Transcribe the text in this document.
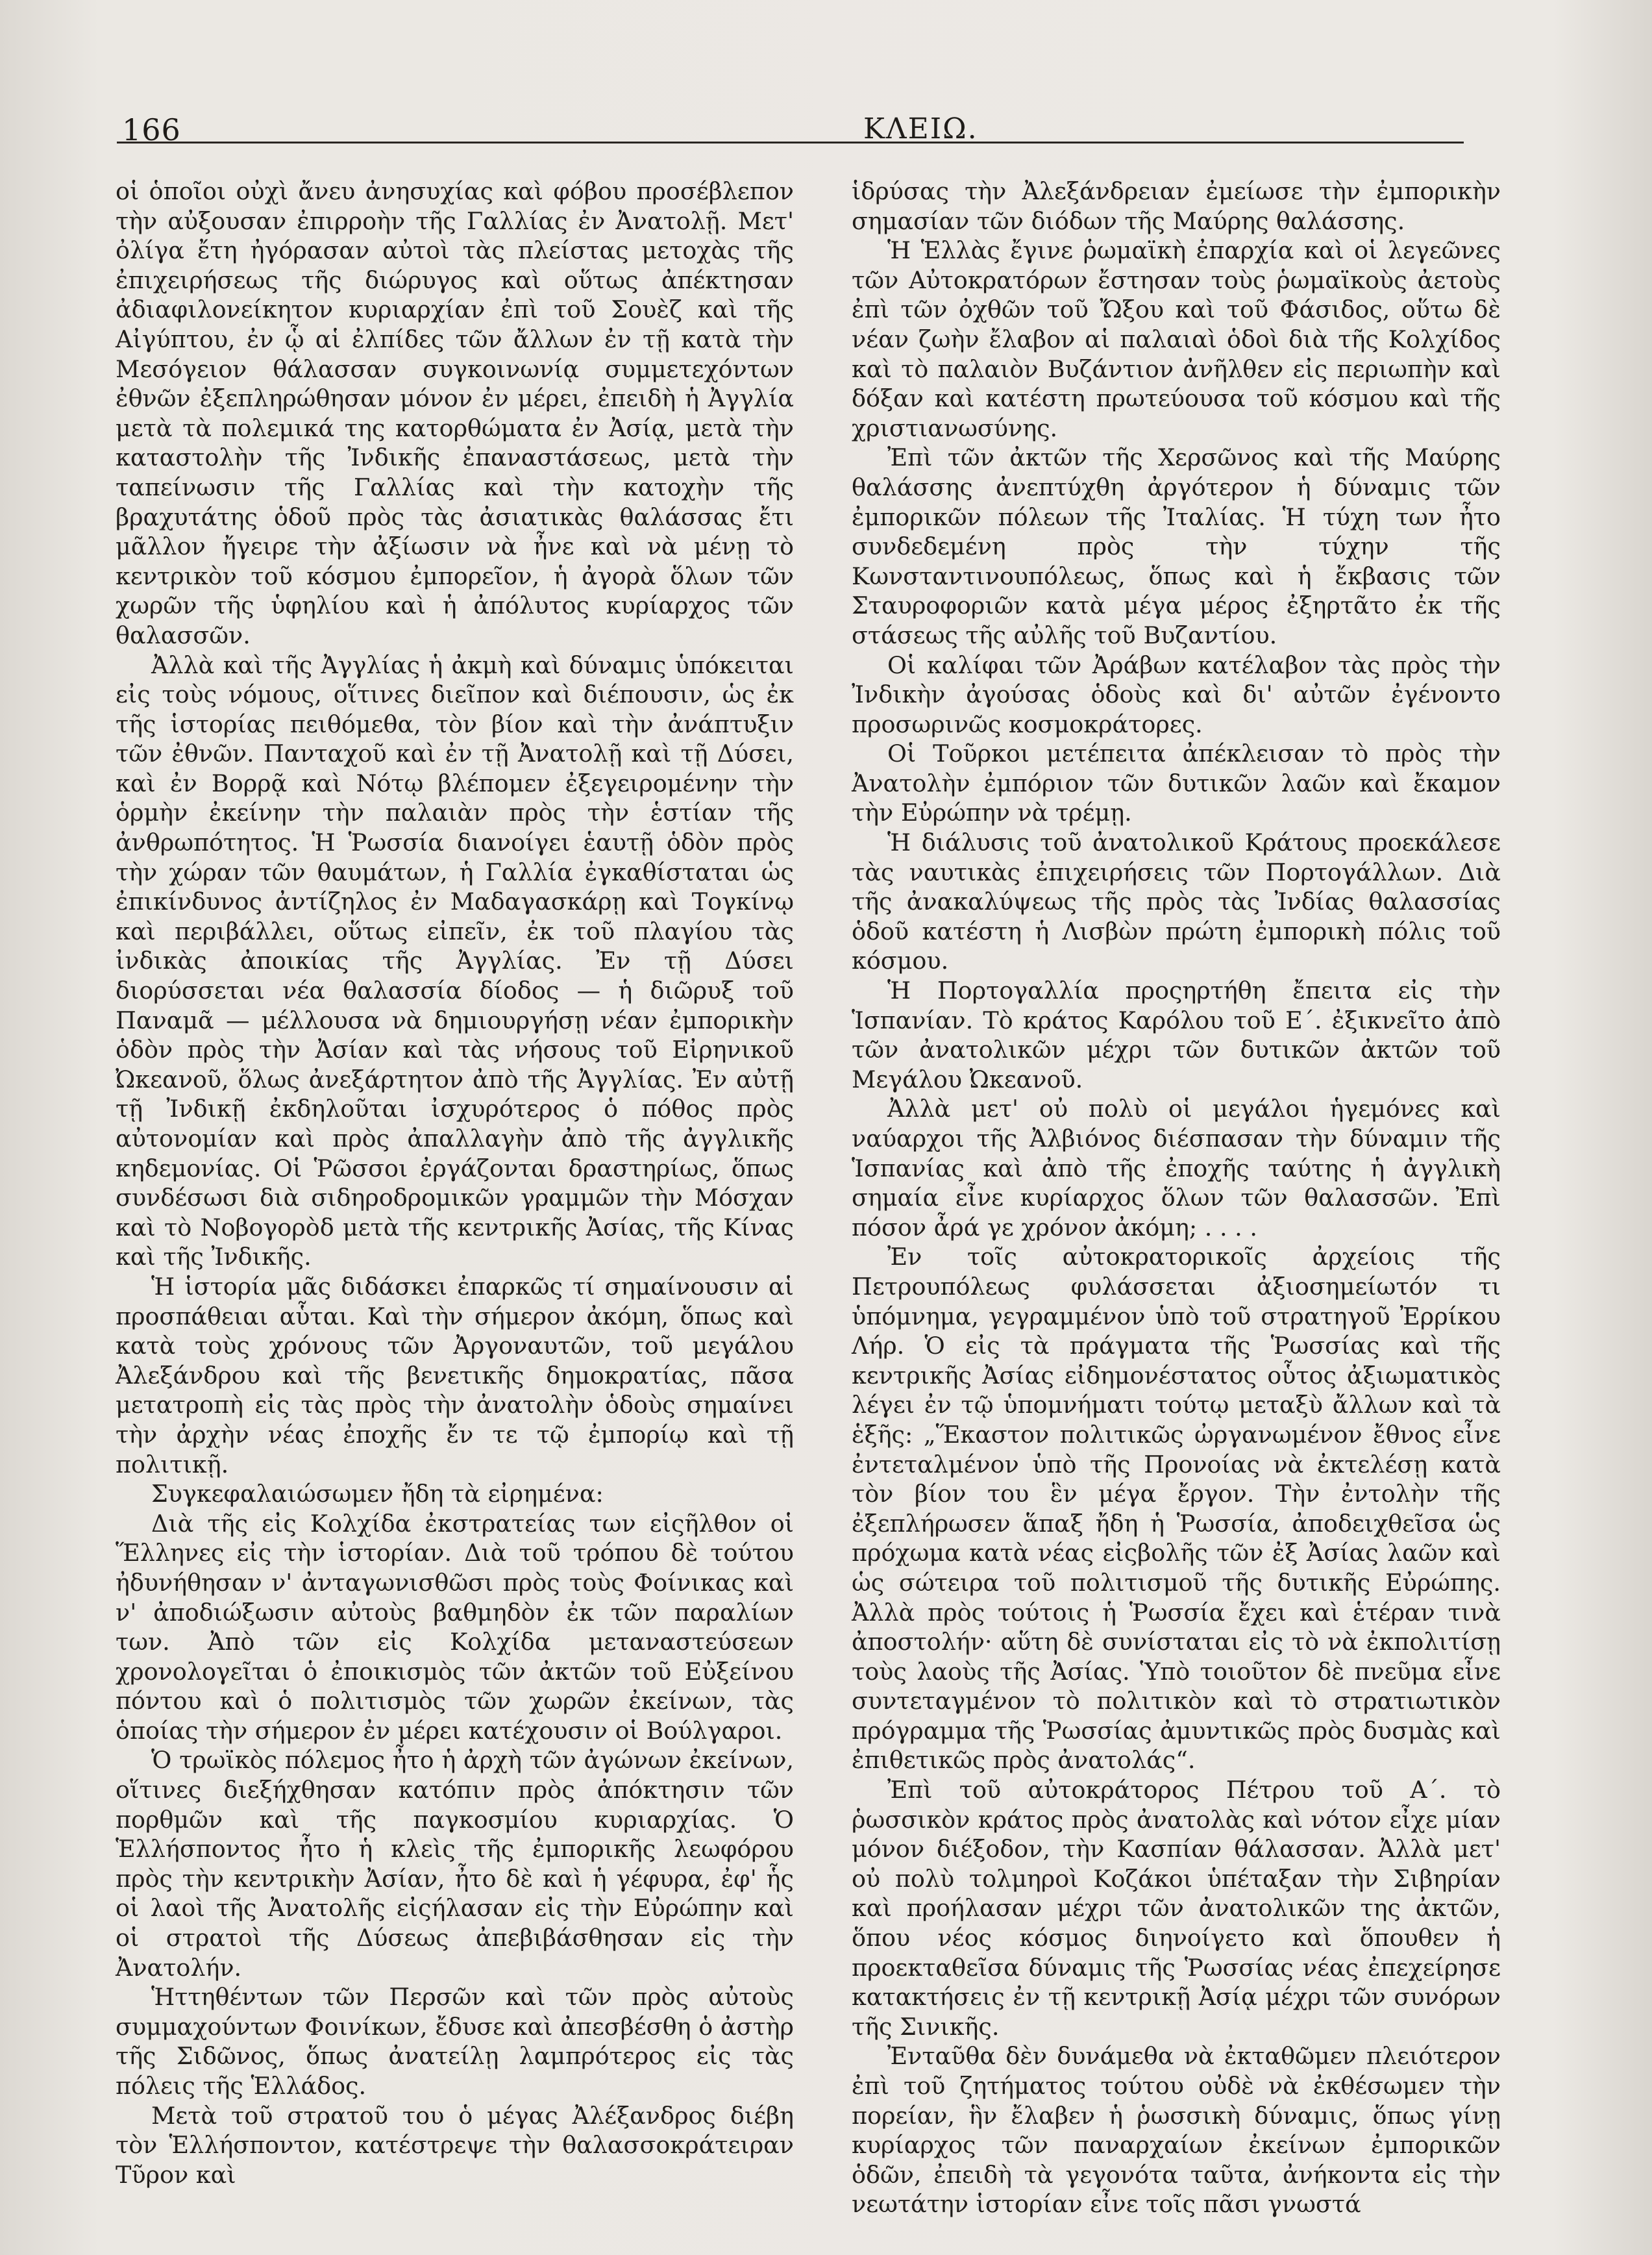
166	ΚΛΕΙΩ.

οἱ ὁποῖοι οὐχὶ ἄνευ ἀνησυχίας καὶ φόβου προσέβλεπον τὴν αὐξουσαν ἐπιρροὴν τῆς Γαλλίας ἐν Ἀνατολῇ. Μετ' ὀλίγα ἔτη ἠγόρασαν αὐτοὶ τὰς πλείστας μετοχὰς τῆς ἐπιχειρήσεως τῆς διώρυγος καὶ οὕτως ἀπέκτησαν ἀδιαφιλονείκητον κυριαρχίαν ἐπὶ τοῦ Σουὲζ καὶ τῆς Αἰγύπτου, ἐν ᾧ αἱ ἐλπίδες τῶν ἄλλων ἐν τῇ κατὰ τὴν Μεσόγειον θάλασσαν συγκοινωνίᾳ συμμετεχόντων ἐθνῶν ἐξεπληρώθησαν μόνον ἐν μέρει, ἐπειδὴ ἡ Ἀγγλία μετὰ τὰ πολεμικά της κατορθώματα ἐν Ἀσίᾳ, μετὰ τὴν καταστολὴν τῆς Ἰνδικῆς ἐπαναστάσεως, μετὰ τὴν ταπείνωσιν τῆς Γαλλίας καὶ τὴν κατοχὴν τῆς βραχυτάτης ὁδοῦ πρὸς τὰς ἀσιατικὰς θαλάσσας ἔτι μᾶλλον ἤγειρε τὴν ἀξίωσιν νὰ ἦνε καὶ νὰ μένῃ τὸ κεντρικὸν τοῦ κόσμου ἐμπορεῖον, ἡ ἀγορὰ ὅλων τῶν χωρῶν τῆς ὑφηλίου καὶ ἡ ἀπόλυτος κυρίαρχος τῶν θαλασσῶν.

Ἀλλὰ καὶ τῆς Ἀγγλίας ἡ ἀκμὴ καὶ δύναμις ὑπόκειται εἰς τοὺς νόμους, οἵτινες διεῖπον καὶ διέπουσιν, ὡς ἐκ τῆς ἱστορίας πειθόμεθα, τὸν βίον καὶ τὴν ἀνάπτυξιν τῶν ἐθνῶν. Πανταχοῦ καὶ ἐν τῇ Ἀνατολῇ καὶ τῇ Δύσει, καὶ ἐν Βορρᾷ καὶ Νότῳ βλέπομεν ἐξεγειρομένην τὴν ὁρμὴν ἐκείνην τὴν παλαιὰν πρὸς τὴν ἑστίαν τῆς ἀνθρωπότητος. Ἡ Ῥωσσία διανοίγει ἑαυτῇ ὁδὸν πρὸς τὴν χώραν τῶν θαυμάτων, ἡ Γαλλία ἐγκαθίσταται ὡς ἐπικίνδυνος ἀντίζηλος ἐν Μαδαγασκάρῃ καὶ Τογκίνῳ καὶ περιβάλλει, οὕτως εἰπεῖν, ἐκ τοῦ πλαγίου τὰς ἰνδικὰς ἀποικίας τῆς Ἀγγλίας. Ἐν τῇ Δύσει διορύσσεται νέα θαλασσία δίοδος — ἡ διῶρυξ τοῦ Παναμᾶ — μέλλουσα νὰ δημιουργήσῃ νέαν ἐμπορικὴν ὁδὸν πρὸς τὴν Ἀσίαν καὶ τὰς νήσους τοῦ Εἰρηνικοῦ Ὠκεανοῦ, ὅλως ἀνεξάρτητον ἀπὸ τῆς Ἀγγλίας. Ἐν αὐτῇ τῇ Ἰνδικῇ ἐκδηλοῦται ἰσχυρότερος ὁ πόθος πρὸς αὐτονομίαν καὶ πρὸς ἀπαλλαγὴν ἀπὸ τῆς ἀγγλικῆς κηδεμονίας. Οἱ Ῥῶσσοι ἐργάζονται δραστηρίως, ὅπως συνδέσωσι διὰ σιδηροδρομικῶν γραμμῶν τὴν Μόσχαν καὶ τὸ Νοβογορὸδ μετὰ τῆς κεντρικῆς Ἀσίας, τῆς Κίνας καὶ τῆς Ἰνδικῆς.

Ἡ ἱστορία μᾶς διδάσκει ἐπαρκῶς τί σημαίνουσιν αἱ προσπάθειαι αὗται. Καὶ τὴν σήμερον ἀκόμη, ὅπως καὶ κατὰ τοὺς χρόνους τῶν Ἀργοναυτῶν, τοῦ μεγάλου Ἀλεξάνδρου καὶ τῆς βενετικῆς δημοκρατίας, πᾶσα μετατροπὴ εἰς τὰς πρὸς τὴν ἀνατολὴν ὁδοὺς σημαίνει τὴν ἀρχὴν νέας ἐποχῆς ἔν τε τῷ ἐμπορίῳ καὶ τῇ πολιτικῇ.

Συγκεφαλαιώσωμεν ἤδη τὰ εἰρημένα:

Διὰ τῆς εἰς Κολχίδα ἐκστρατείας των εἰςῆλθον οἱ Ἕλληνες εἰς τὴν ἱστορίαν. Διὰ τοῦ τρόπου δὲ τούτου ἠδυνήθησαν ν' ἀνταγωνισθῶσι πρὸς τοὺς Φοίνικας καὶ ν' ἀποδιώξωσιν αὐτοὺς βαθμηδὸν ἐκ τῶν παραλίων των. Ἀπὸ τῶν εἰς Κολχίδα μεταναστεύσεων χρονολογεῖται ὁ ἐποικισμὸς τῶν ἀκτῶν τοῦ Εὐξείνου πόντου καὶ ὁ πολιτισμὸς τῶν χωρῶν ἐκείνων, τὰς ὁποίας τὴν σήμερον ἐν μέρει κατέχουσιν οἱ Βούλγαροι.

Ὁ τρωϊκὸς πόλεμος ἦτο ἡ ἀρχὴ τῶν ἀγώνων ἐκείνων, οἵτινες διεξήχθησαν κατόπιν πρὸς ἀπόκτησιν τῶν πορθμῶν καὶ τῆς παγκοσμίου κυριαρχίας. Ὁ Ἑλλήσποντος ἦτο ἡ κλεὶς τῆς ἐμπορικῆς λεωφόρου πρὸς τὴν κεντρικὴν Ἀσίαν, ἦτο δὲ καὶ ἡ γέφυρα, ἐφ' ἧς οἱ λαοὶ τῆς Ἀνατολῆς εἰςήλασαν εἰς τὴν Εὐρώπην καὶ οἱ στρατοὶ τῆς Δύσεως ἀπεβιβάσθησαν εἰς τὴν Ἀνατολήν.

Ἡττηθέντων τῶν Περσῶν καὶ τῶν πρὸς αὐτοὺς συμμαχούντων Φοινίκων, ἔδυσε καὶ ἀπεσβέσθη ὁ ἀστὴρ τῆς Σιδῶνος, ὅπως ἀνατείλῃ λαμπρότερος εἰς τὰς πόλεις τῆς Ἑλλάδος.

Μετὰ τοῦ στρατοῦ του ὁ μέγας Ἀλέξανδρος διέβη τὸν Ἑλλήσποντον, κατέστρεψε τὴν θαλασσοκράτειραν Τῦρον καὶ

ἱδρύσας τὴν Ἀλεξάνδρειαν ἐμείωσε τὴν ἐμπορικὴν σημασίαν τῶν διόδων τῆς Μαύρης θαλάσσης.

Ἡ Ἑλλὰς ἔγινε ῥωμαϊκὴ ἐπαρχία καὶ οἱ λεγεῶνες τῶν Αὐτοκρατόρων ἔστησαν τοὺς ῥωμαϊκοὺς ἀετοὺς ἐπὶ τῶν ὀχθῶν τοῦ Ὤξου καὶ τοῦ Φάσιδος, οὕτω δὲ νέαν ζωὴν ἔλαβον αἱ παλαιαὶ ὁδοὶ διὰ τῆς Κολχίδος καὶ τὸ παλαιὸν Βυζάντιον ἀνῆλθεν εἰς περιωπὴν καὶ δόξαν καὶ κατέστη πρωτεύουσα τοῦ κόσμου καὶ τῆς χριστιανωσύνης.

Ἐπὶ τῶν ἀκτῶν τῆς Χερσῶνος καὶ τῆς Μαύρης θαλάσσης ἀνεπτύχθη ἀργότερον ἡ δύναμις τῶν ἐμπορικῶν πόλεων τῆς Ἰταλίας. Ἡ τύχη των ἦτο συνδεδεμένη πρὸς τὴν τύχην τῆς Κωνσταντινουπόλεως, ὅπως καὶ ἡ ἔκβασις τῶν Σταυροφοριῶν κατὰ μέγα μέρος ἐξηρτᾶτο ἐκ τῆς στάσεως τῆς αὐλῆς τοῦ Βυζαντίου.

Οἱ καλίφαι τῶν Ἀράβων κατέλαβον τὰς πρὸς τὴν Ἰνδικὴν ἀγούσας ὁδοὺς καὶ δι' αὐτῶν ἐγένοντο προσωρινῶς κοσμοκράτορες.

Οἱ Τοῦρκοι μετέπειτα ἀπέκλεισαν τὸ πρὸς τὴν Ἀνατολὴν ἐμπόριον τῶν δυτικῶν λαῶν καὶ ἔκαμον τὴν Εὐρώπην νὰ τρέμῃ.

Ἡ διάλυσις τοῦ ἀνατολικοῦ Κράτους προεκάλεσε τὰς ναυτικὰς ἐπιχειρήσεις τῶν Πορτογάλλων. Διὰ τῆς ἀνακαλύψεως τῆς πρὸς τὰς Ἰνδίας θαλασσίας ὁδοῦ κατέστη ἡ Λισβὼν πρώτη ἐμπορικὴ πόλις τοῦ κόσμου.

Ἡ Πορτογαλλία προςηρτήθη ἔπειτα εἰς τὴν Ἱσπανίαν. Τὸ κράτος Καρόλου τοῦ Ε΄. ἐξικνεῖτο ἀπὸ τῶν ἀνατολικῶν μέχρι τῶν δυτικῶν ἀκτῶν τοῦ Μεγάλου Ὠκεανοῦ.

Ἀλλὰ μετ' οὐ πολὺ οἱ μεγάλοι ἡγεμόνες καὶ ναύαρχοι τῆς Ἀλβιόνος διέσπασαν τὴν δύναμιν τῆς Ἱσπανίας καὶ ἀπὸ τῆς ἐποχῆς ταύτης ἡ ἀγγλικὴ σημαία εἶνε κυρίαρχος ὅλων τῶν θαλασσῶν. Ἐπὶ πόσον ἆρά γε χρόνον ἀκόμη; . . . .

Ἐν τοῖς αὐτοκρατορικοῖς ἀρχείοις τῆς Πετρουπόλεως φυλάσσεται ἀξιοσημείωτόν τι ὑπόμνημα, γεγραμμένον ὑπὸ τοῦ στρατηγοῦ Ἐρρίκου Λήρ. Ὁ εἰς τὰ πράγματα τῆς Ῥωσσίας καὶ τῆς κεντρικῆς Ἀσίας εἰδημονέστατος οὗτος ἀξιωματικὸς λέγει ἐν τῷ ὑπομνήματι τούτῳ μεταξὺ ἄλλων καὶ τὰ ἑξῆς: „Ἕκαστον πολιτικῶς ὠργανωμένον ἔθνος εἶνε ἐντεταλμένον ὑπὸ τῆς Προνοίας νὰ ἐκτελέσῃ κατὰ τὸν βίον του ἓν μέγα ἔργον. Τὴν ἐντολὴν τῆς ἐξεπλήρωσεν ἅπαξ ἤδη ἡ Ῥωσσία, ἀποδειχθεῖσα ὡς πρόχωμα κατὰ νέας εἰςβολῆς τῶν ἐξ Ἀσίας λαῶν καὶ ὡς σώτειρα τοῦ πολιτισμοῦ τῆς δυτικῆς Εὐρώπης. Ἀλλὰ πρὸς τούτοις ἡ Ῥωσσία ἔχει καὶ ἑτέραν τινὰ ἀποστολήν· αὕτη δὲ συνίσταται εἰς τὸ νὰ ἐκπολιτίσῃ τοὺς λαοὺς τῆς Ἀσίας. Ὑπὸ τοιοῦτον δὲ πνεῦμα εἶνε συντεταγμένον τὸ πολιτικὸν καὶ τὸ στρατιωτικὸν πρόγραμμα τῆς Ῥωσσίας ἀμυντικῶς πρὸς δυσμὰς καὶ ἐπιθετικῶς πρὸς ἀνατολάς“.

Ἐπὶ τοῦ αὐτοκράτορος Πέτρου τοῦ Α΄. τὸ ῥωσσικὸν κράτος πρὸς ἀνατολὰς καὶ νότον εἶχε μίαν μόνον διέξοδον, τὴν Κασπίαν θάλασσαν. Ἀλλὰ μετ' οὐ πολὺ τολμηροὶ Κοζάκοι ὑπέταξαν τὴν Σιβηρίαν καὶ προήλασαν μέχρι τῶν ἀνατολικῶν της ἀκτῶν, ὅπου νέος κόσμος διηνοίγετο καὶ ὅπουθεν ἡ προεκταθεῖσα δύναμις τῆς Ῥωσσίας νέας ἐπεχείρησε κατακτήσεις ἐν τῇ κεντρικῇ Ἀσίᾳ μέχρι τῶν συνόρων τῆς Σινικῆς.

Ἐνταῦθα δὲν δυνάμεθα νὰ ἐκταθῶμεν πλειότερον ἐπὶ τοῦ ζητήματος τούτου οὐδὲ νὰ ἐκθέσωμεν τὴν πορείαν, ἣν ἔλαβεν ἡ ῥωσσικὴ δύναμις, ὅπως γίνῃ κυρίαρχος τῶν παναρχαίων ἐκείνων ἐμπορικῶν ὁδῶν, ἐπειδὴ τὰ γεγονότα ταῦτα, ἀνήκοντα εἰς τὴν νεωτάτην ἱστορίαν εἶνε τοῖς πᾶσι γνωστά
